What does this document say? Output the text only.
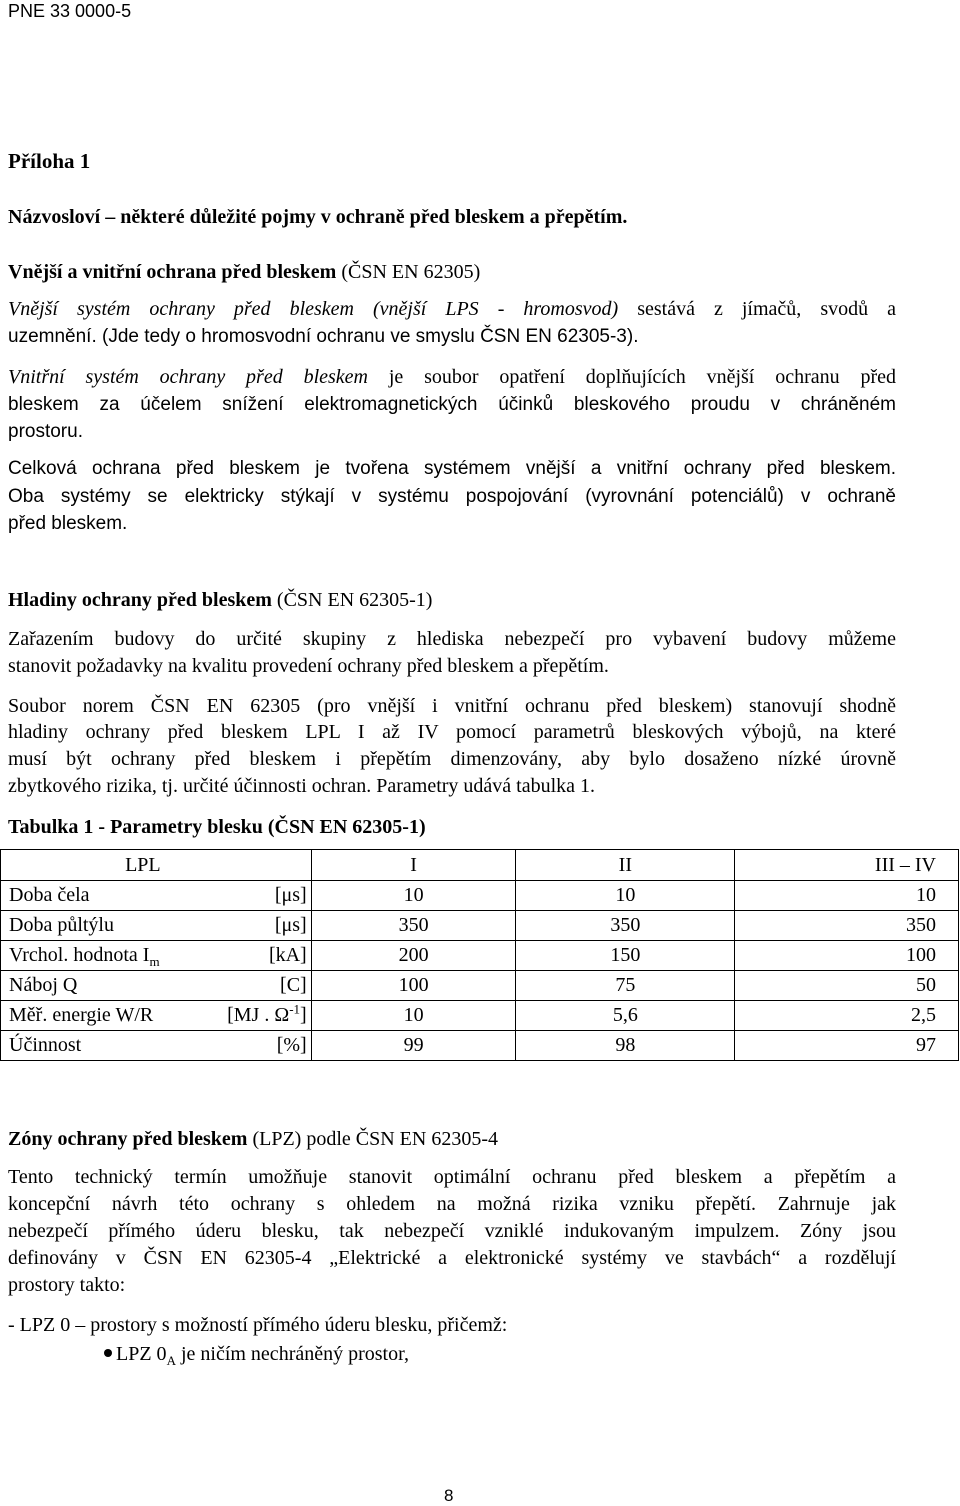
PNE 33 0000-5
Příloha 1
Názvosloví – některé důležité pojmy v ochraně před bleskem a přepětím.
Vnější a vnitřní ochrana před bleskem (ČSN EN 62305)
Vnější systém ochrany před bleskem (vnější LPS - hromosvod) sestává z jímačů, svodů a
uzemnění. (Jde tedy o hromosvodní ochranu ve smyslu ČSN EN 62305-3).
Vnitřní systém ochrany před bleskem je soubor opatření doplňujících vnější ochranu před
bleskem za účelem snížení elektromagnetických účinků bleskového proudu v chráněném
prostoru.
Celková ochrana před bleskem je tvořena systémem vnější a vnitřní ochrany před bleskem.
Oba systémy se elektricky stýkají v systému pospojování (vyrovnání potenciálů) v ochraně
před bleskem.
Hladiny ochrany před bleskem (ČSN EN 62305-1)
Zařazením budovy do určité skupiny z hlediska nebezpečí pro vybavení budovy můžeme
stanovit požadavky na kvalitu provedení ochrany před bleskem a přepětím.
Soubor norem ČSN EN 62305 (pro vnější i vnitřní ochranu před bleskem) stanovují shodně
hladiny ochrany před bleskem LPL I až IV pomocí parametrů bleskových výbojů, na které
musí být ochrany před bleskem i přepětím dimenzovány, aby bylo dosaženo nízké úrovně
zbytkového rizika, tj. určité účinnosti ochran. Parametry udává tabulka 1.
Tabulka 1 - Parametry blesku (ČSN EN 62305-1)
LPL	I	II	III – IV

Doba čela [μs]	10	10	10

Doba půltýlu [μs]	350	350	350

Vrchol. hodnota $I_m$ [kA]	200	150	100

Náboj Q [C]	100	75	50

Měř. energie W/R [MJ . $\Omega^{-1}$]	10	5,6	2,5

Účinnost [%]	99	98	97
Zóny ochrany před bleskem (LPZ) podle ČSN EN 62305-4
Tento technický termín umožňuje stanovit optimální ochranu před bleskem a přepětím a
koncepční návrh této ochrany s ohledem na možná rizika vzniku přepětí. Zahrnuje jak
nebezpečí přímého úderu blesku, tak nebezpečí vzniklé indukovaným impulzem. Zóny jsou
definovány v ČSN EN 62305-4 „Elektrické a elektronické systémy ve stavbách“ a rozdělují
prostory takto:
- LPZ 0 – prostory s možností přímého úderu blesku, přičemž:
LPZ $0_A$ je ničím nechráněný prostor,
8
